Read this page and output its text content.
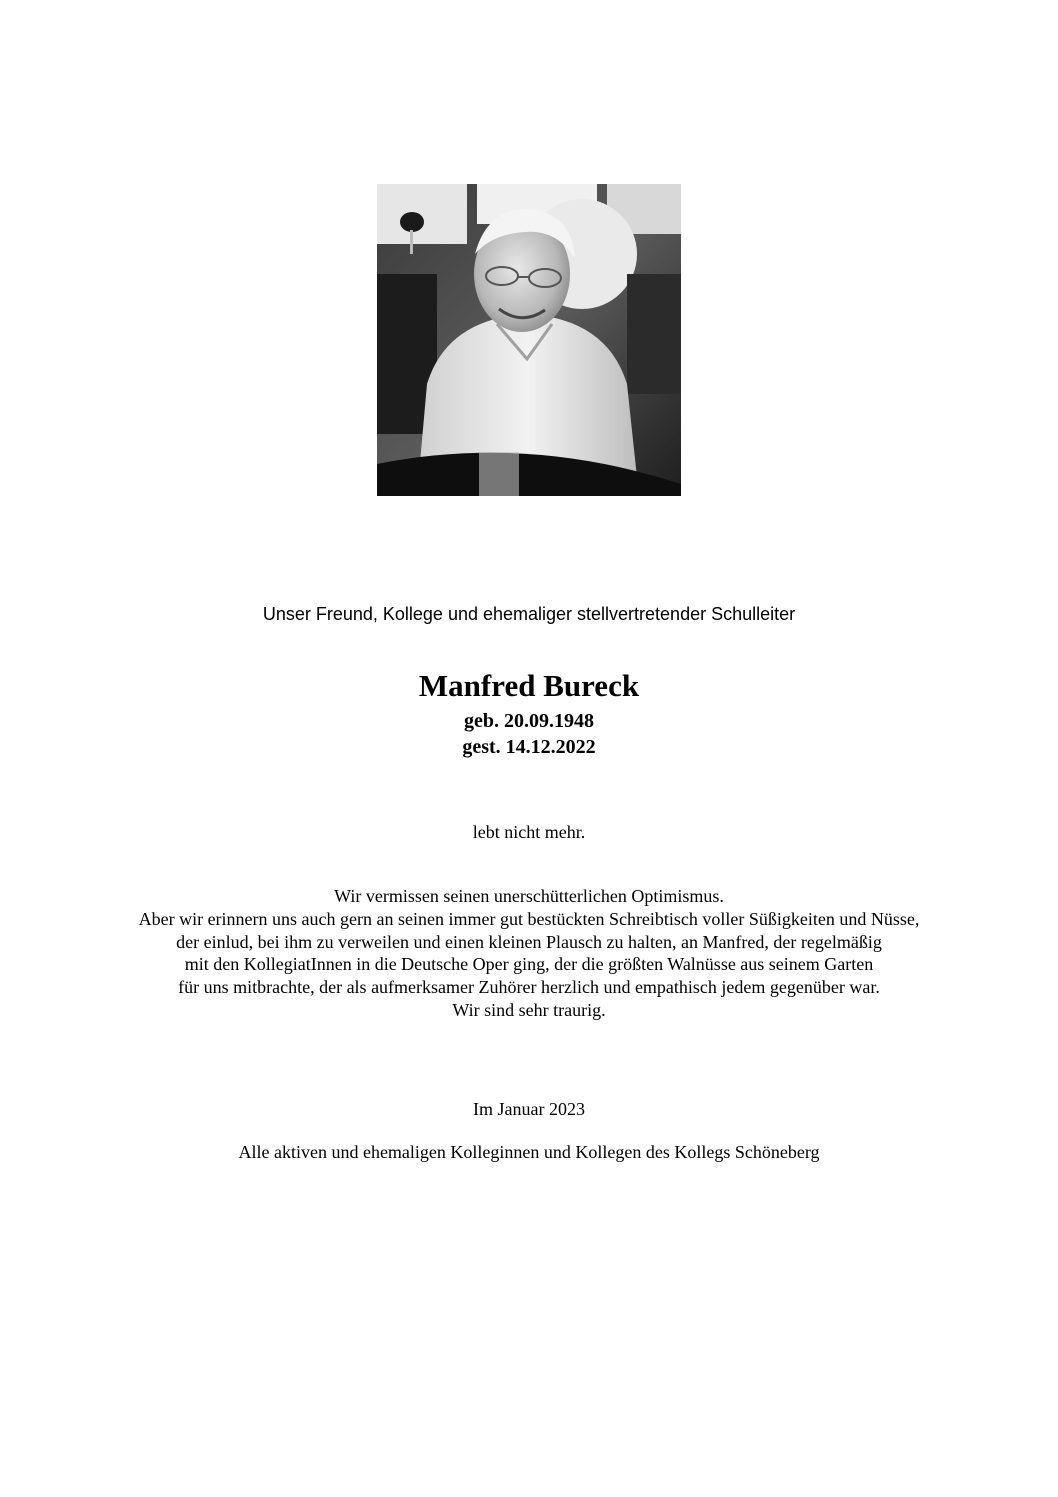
Unser Freund, Kollege und ehemaliger stellvertretender Schulleiter
Manfred Bureck
geb. 20.09.1948
gest. 14.12.2022
lebt nicht mehr.
Wir vermissen seinen unerschütterlichen Optimismus.
Aber wir erinnern uns auch gern an seinen immer gut bestückten Schreibtisch voller Süßigkeiten und Nüsse,
der einlud, bei ihm zu verweilen und einen kleinen Plausch zu halten, an Manfred, der regelmäßig
mit den KollegiatInnen in die Deutsche Oper ging, der die größten Walnüsse aus seinem Garten
für uns mitbrachte, der als aufmerksamer Zuhörer herzlich und empathisch jedem gegenüber war.
Wir sind sehr traurig.
Im Januar 2023
Alle aktiven und ehemaligen Kolleginnen und Kollegen des Kollegs Schöneberg
